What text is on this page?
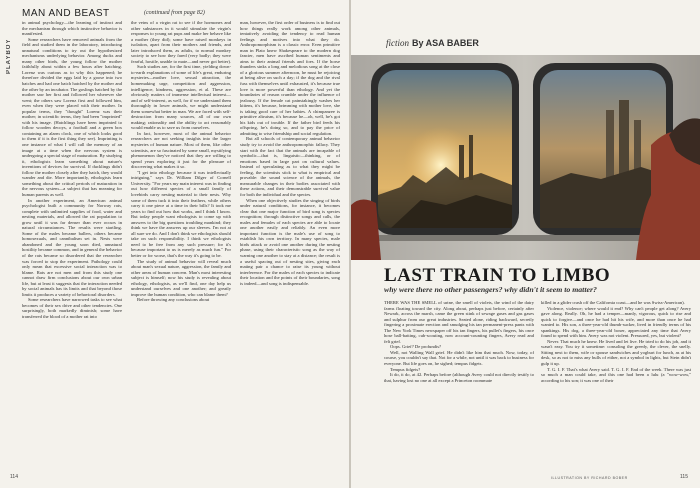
PLAYBOY
MAN AND BEAST	(continued from page 82)

in animal psychology—the learning of instinct and the mechanism through which instinctive behavior is manifested.

Some researchers have removed animals from the field and studied them in the laboratory, introducing unnatural conditions to try out the hypothesized mechanisms underlying behavior. Among ducks and many other birds, the young follow the mother faithfully about within a few hours after hatching. Lorenz was curious as to why this happened; he therefore divided the eggs laid by a goose into two batches and had one batch hatched by the mother and the other by an incubator. The goslings hatched by the mother saw her first and followed her wherever she went; the others saw Lorenz first and followed him, even when they were placed with their mother. In popular terms, they "thought" Lorenz was their mother; in scientific terms, they had been "imprinted" with his image. (Hatchlings have been imprinted to follow wooden decoys, a football and a green box containing an alarm clock, one of which looks good to them if it is the first thing they see). Imprinting is one instance of what I will call the memory of an image at a time when the nervous system is undergoing a special stage of maturation. By studying it, ethologists learn something about nature's inventions of devices for survival. If ducklings didn't follow the mother closely after they hatch, they would wander and die. More importantly, ethologists learn something about the critical periods of maturation in the nervous system—a subject that has meaning for human parents as well.

In another experiment, an American animal psychologist built a community for Norway rats, complete with unlimited supplies of food, water and nesting materials, and allowed the rat population to grow until it was far denser than ever occurs in natural circumstances. The results were startling. Some of the males became ballers, others became homosexuals, and cannibalism set in. Nests were abandoned and the young soon died, unnatural hostility became common, and in general the behavior of the rats became so disordered that the researcher was forced to stop the experiment. Pathology could only mean that excessive social interaction was to blame. Rats are not men and from this study one cannot draw firm conclusions about our own urban life, but at least it suggests that the interaction needed by social animals has its limits and that beyond those limits it produces a variety of behavioral disorders.

Some researchers have narrowed tasks to see what becomes of their sex drive and other tendencies. One surprisingly, both markedly diminish; some have transferred the blood of a mother rat into

the veins of a virgin rat to see if the hormones and other substances in it would stimulate the virgin's responses to young rat pups and make her behave like a mother (they did); some have raised monkeys in isolation, apart from their mothers and friends, and later introduced them, as adults, to normal monkey society to see how they fared (very badly; they were fearful, hostile, unable to mate—and never got better).

Such studies are, for the first time, yielding down-to-earth explanations of some of life's great, enduring mysteries—mother love, sexual attraction, the homemaking urge, competition and aggression, intelligence, kindness, aggression, et al. These are obviously matters of immense intellectual interest—and of self-interest, as well, for if we understand them thoroughly in lower animals, we might understand them somewhat better in man. We are faced with self-destruction from many sources, all of our own making; rationality and the ability to act reasonably would enable us to save us from ourselves.

In fact, however, most of the animal behavior researchers are not seeking insights into the larger mysteries of human nature. Most of them, like other scientists, are so fascinated by some small, mystifying phenomenon they've noticed that they are willing to spend years exploring it just for the pleasure of discovering what makes it so.

"I get into ethology because it was intellectually intriguing," says Dr. William Dilger of Cornell University. "For years my main interest was in finding out how different species of a small family of lovebirds carry nesting material to their nests. Why some of them tuck it into their feathers, while others carry it one piece at a time in their bills? It took me years to find out how that works, and I think I know. But today people want ethologists to come up with answers to the big questions troubling mankind; they think we have the answers up our sleeves. I'm not at all sure we do. And I don't think we ethologists should take on such responsibility. I think we ethologists need to be free from any such pressure; for it's because important to us is merely as much fun." For better or for worse, that's the way it's going to be.

The study of animal behavior will reveal much about man's sexual nature, aggression, the family and other areas of human concern. Man's most interesting subject is himself; now his study is revealing about ethology, ethologists, as we'll find, one day help us understand ourselves and one another; and greatly improve the human condition, who can blame them?

Before throwing any conclusions about

man, however, the first order of business is to find out how things really work among other animals, tentatively avoiding the tendency to read human feelings and motives into what they do. Anthropomorphism is a classic error. Even primitive man in Plato knew Shakespeare to the modern dog fancier, men have ascribed human sentiments and aims to their animal friends and foes. If the horse thunders sinks a long and melodious song at the close of a glorious summer afternoon, he must be rejoicing at being alive on such a day; if the dog and the rival fuss with themselves until exhausted, it's because true love is more powerful than ethology. And yet the boundaries of reason crumble under the influence of jealousy. If the female cat painstakingly washes her kittens, it's because, brimming with mother love, she is taking good care of her babies. A chimpanzee is primitive altruism, it's because he—oh, well, he's got his kids out of trouble. If the father bird feeds his offspring, he's doing so, and to pay the price of admitting to wise friendship and social regulation.

But all schools of contemporary animal behavior study try to avoid the anthropomorphic fallacy. They start with the fact that the animals are incapable of symbolic—that is, linguistic—thinking, or of emotions based in large part on cultural values. Instead of speculating as to what they might be feeling, the scientists stick to what is empirical and provable: the sound science of the animals, the measurable changes in their bodies associated with these actions, and their demonstrable survival value for both the individual and the species.

When one objectively studies the singing of birds under natural conditions, for instance, it becomes clear that one major function of bird song is species recognition; through distinctive songs and calls, the males and females of each species are able to locate one another easily and reliably. An even more important function is the male's use of song to establish his own territory. In many species, male birds attack or avoid one another during the nesting phase, using their characteristic song as the way of warning one another to stay at a distance; the result is a useful spacing out of nesting sites, giving each mating pair a chance to raise its young without interference. For the males of each species to indicate their location and the points of their boundaries, song is indeed—and song is indispensable.

114
fiction By ASA BABER
LAST TRAIN TO LIMBO
why were there no other passengers? why didn't it seem to matter?

THERE WAS THE SMELL of urine, the smell of violets, the wind of the dairy farms floating toward the city. Along about, perhaps just before, certainly after Newark, across the marsh, came the green stink of sewage gases and gas gases and sulphur from our great industries. Seated alone, riding backward, secretly fingering a proximate erection and smudging his tan permanent-press pants with The New York Times newspaper off his tan fingers, his pullet's fingers, his once hose ball-batting, cub-scouting, now account-counting fingers, Avery read and felt grief.

Oops. Grief? De profundis?

Well, not Walling Wall grief. He didn't like him that much. Now, today, of course, you couldn't say that. Not for a while, not until it was back to business for everyone. But life goes on, he sighed; tempus fidgets.

Tempus fidgets?

It do, it do, at 42. Perhaps before (although Avery could not directly testify to that, having lost no one at all except a Princeton roommate

killed in a glider crash off the California coast—and he was Swiss-American).

Violence, violence; where would it end? Why can't people get along? Avery gave along. Really. Oh, he had a temper—manly, vigorous, quick to rise and quick to forgive—and once he had hit his wife, and more than once he had wanted to. His son, a three-year-old thumb-sucker, lived in friendly terms of his spankings. His dog, a three-year-old boxer, appreciated any time that Avery found to spend with him. Avery was not violent. Pressured, yes, but violent?

Never. That much he knew. He lived and let live. He tried to do his job, and it wasn't easy. You try it sometime: consoling the greedy, the clever, the snelly. Sitting next to them, wife or spouse sandwiches and yogburt for lunch, as at his desk, so as not to miss any bulls of either, not a symbol in lights, but Stein didn't gulp it up.

T. G. I. F. That's what Avery said. T. G. I. F. End of the week. There was just so much a man could take, and this one had been a lulu (a "wow-wow," according to his son; it was one of their

ILLUSTRATION BY RICHARD BOBER	115
